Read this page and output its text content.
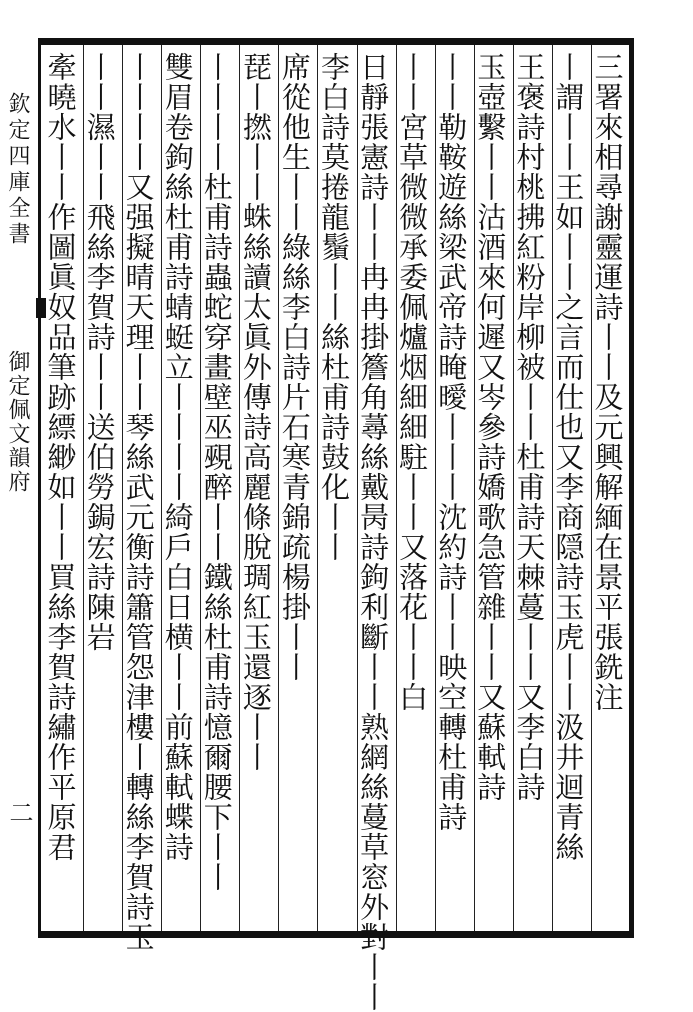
欽定四庫全書
御定佩文韻府
二
三署來相尋謝靈運詩丨丨及元興解緬在景平張銑注
丨謂丨丨王如丨丨之言而仕也又李商隠詩玉虎丨丨汲井迴青絲
王褒詩村桃拂紅粉岸柳被丨丨杜甫詩天棘蔓丨丨又李白詩
玉壺繫丨丨沽酒來何遲又岑參詩嬌歌急管雜丨丨又蘇軾詩
丨丨勒鞍遊絲梁武帝詩晻曖丨丨丨沈約詩丨丨映空轉杜甫詩
丨丨宮草微微承委佩爐烟細細駐丨丨又落花丨丨白
日靜張憲詩丨丨冉冉掛簷角蕁絲戴昺詩鉤利斷丨丨熟網絲蔓草窓外對丨丨
李白詩莫捲龍鬚丨丨絲杜甫詩鼓化丨丨
席從他生丨丨綠絲李白詩片石寒青錦疏楊掛丨丨
琵丨撚丨丨蛛絲讀太眞外傳詩高麗條脫琱紅玉還逐丨丨
丨丨丨丨杜甫詩蟲蛇穿畫壁巫覡醉丨丨鐵絲杜甫詩憶爾腰下丨丨
雙眉卷鉤絲杜甫詩蜻蜓立丨丨丨丨綺戶白日横丨丨前蘇軾蝶詩
丨丨丨丨又强擬晴天理丨丨琴絲武元衡詩簫管怨津樓丨轉絲李賀詩玉
丨丨濕丨丨飛絲李賀詩丨丨送伯勞鋦宏詩陳岩
牽曉水丨丨作圖眞奴品筆跡縹緲如丨丨買絲李賀詩繡作平原君
